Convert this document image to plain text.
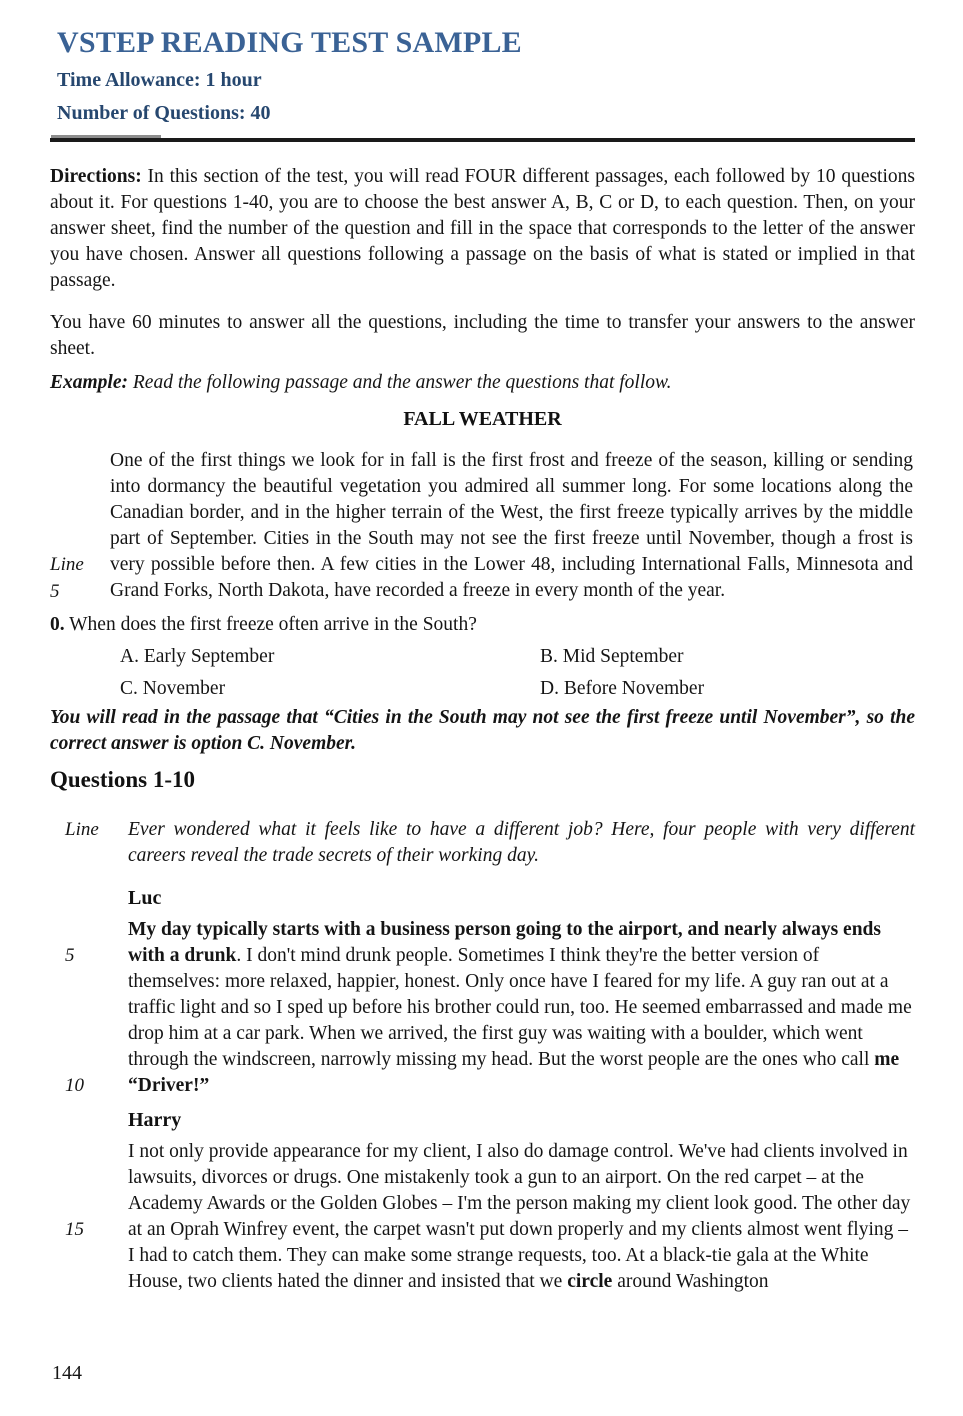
VSTEP READING TEST SAMPLE

Time Allowance: 1 hour

Number of Questions: 40

Directions: In this section of the test, you will read FOUR different passages, each followed by 10 questions about it. For questions 1-40, you are to choose the best answer A, B, C or D, to each question. Then, on your answer sheet, find the number of the question and fill in the space that corresponds to the letter of the answer you have chosen. Answer all questions following a passage on the basis of what is stated or implied in that passage.

You have 60 minutes to answer all the questions, including the time to transfer your answers to the answer sheet.

Example: Read the following passage and the answer the questions that follow.

FALL WEATHER
Line
5

One of the first things we look for in fall is the first frost and freeze of the season, killing or sending into dormancy the beautiful vegetation you admired all summer long. For some locations along the Canadian border, and in the higher terrain of the West, the first freeze typically arrives by the middle part of September. Cities in the South may not see the first freeze until November, though a frost is very possible before then. A few cities in the Lower 48, including International Falls, Minnesota and Grand Forks, North Dakota, have recorded a freeze in every month of the year.

0. When does the first freeze often arrive in the South?

A. Early September	B. Mid September
C. November	D. Before November

You will read in the passage that “Cities in the South may not see the first freeze until November”, so the correct answer is option C. November.

Questions 1-10
Line Ever wondered what it feels like to have a different job? Here, four people with very different careers reveal the trade secrets of their working day.

Luc

5
10
My day typically starts with a business person going to the airport, and nearly always ends with a drunk. I don't mind drunk people. Sometimes I think they're the better version of themselves: more relaxed, happier, honest. Only once have I feared for my life. A guy ran out at a traffic light and so I sped up before his brother could run, too. He seemed embarrassed and made me drop him at a car park. When we arrived, the first guy was waiting with a boulder, which went through the windscreen, narrowly missing my head. But the worst people are the ones who call me “Driver!”

Harry

15
I not only provide appearance for my client, I also do damage control. We've had clients involved in lawsuits, divorces or drugs. One mistakenly took a gun to an airport. On the red carpet – at the Academy Awards or the Golden Globes – I'm the person making my client look good. The other day at an Oprah Winfrey event, the carpet wasn't put down properly and my clients almost went flying – I had to catch them. They can make some strange requests, too. At a black-tie gala at the White House, two clients hated the dinner and insisted that we circle around Washington

144
